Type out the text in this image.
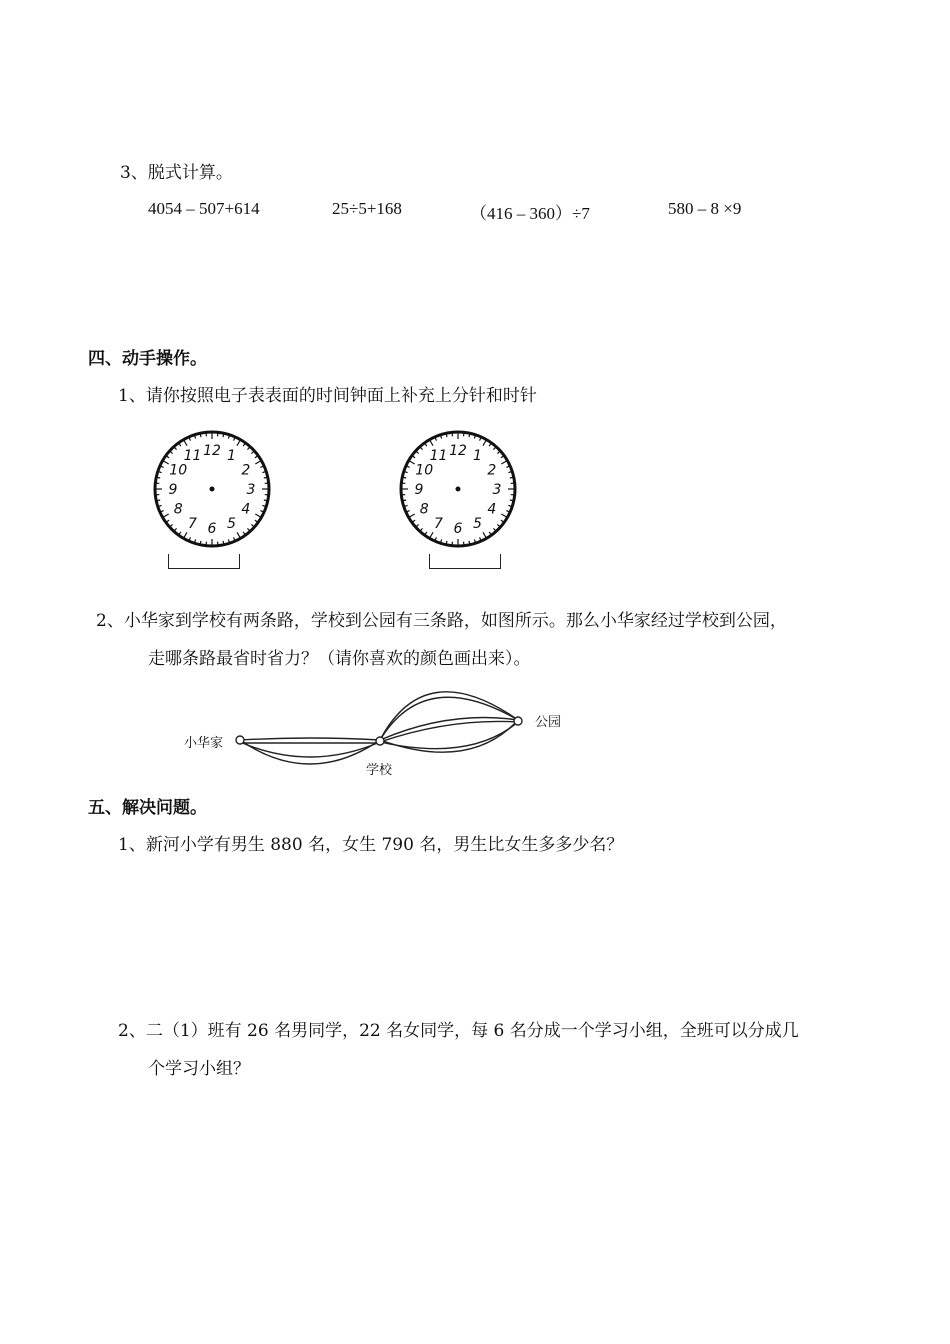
3、脱式计算。
4054 – 507+614	25÷5+168	（416 – 360）÷7	580 – 8 ×9
四、动手操作。
1、请你按照电子表表面的时间钟面上补充上分针和时针
12 1
2
3
4
5
6
7
8
9
10
11	12 1
2
3
4
5
6
7
8
9
10
11
2、小华家到学校有两条路，学校到公园有三条路，如图所示。那么小华家经过学校到公园，
走哪条路最省时省力？（请你喜欢的颜色画出来）。
小华家
学校
公园
五、解决问题。
1、新河小学有男生 880 名，女生 790 名，男生比女生多多少名？
2、二（1）班有 26 名男同学，22 名女同学，每 6 名分成一个学习小组，全班可以分成几
个学习小组？
